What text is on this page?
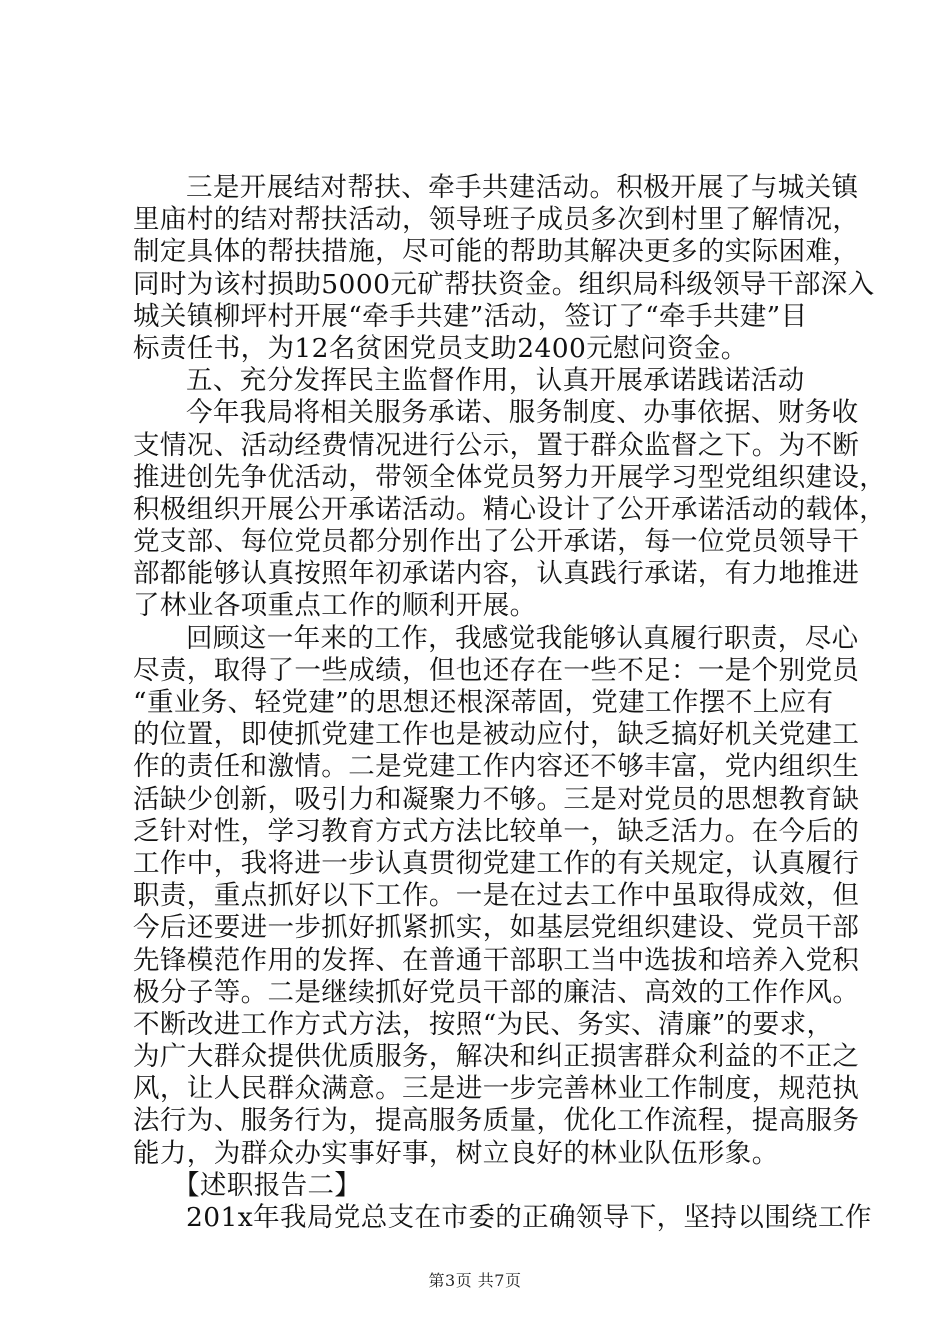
三是开展结对帮扶、牵手共建活动。积极开展了与城关镇
里庙村的结对帮扶活动，领导班子成员多次到村里了解情况，
制定具体的帮扶措施，尽可能的帮助其解决更多的实际困难，
同时为该村损助5000元矿帮扶资金。组织局科级领导干部深入
城关镇柳坪村开展“牵手共建”活动，签订了“牵手共建”目
标责任书，为12名贫困党员支助2400元慰问资金。
五、充分发挥民主监督作用，认真开展承诺践诺活动
今年我局将相关服务承诺、服务制度、办事依据、财务收
支情况、活动经费情况进行公示，置于群众监督之下。为不断
推进创先争优活动，带领全体党员努力开展学习型党组织建设，
积极组织开展公开承诺活动。精心设计了公开承诺活动的载体，
党支部、每位党员都分别作出了公开承诺，每一位党员领导干
部都能够认真按照年初承诺内容，认真践行承诺，有力地推进
了林业各项重点工作的顺利开展。
回顾这一年来的工作，我感觉我能够认真履行职责，尽心
尽责，取得了一些成绩，但也还存在一些不足：一是个别党员
“重业务、轻党建”的思想还根深蒂固，党建工作摆不上应有
的位置，即使抓党建工作也是被动应付，缺乏搞好机关党建工
作的责任和激情。二是党建工作内容还不够丰富，党内组织生
活缺少创新，吸引力和凝聚力不够。三是对党员的思想教育缺
乏针对性，学习教育方式方法比较单一，缺乏活力。在今后的
工作中，我将进一步认真贯彻党建工作的有关规定，认真履行
职责，重点抓好以下工作。一是在过去工作中虽取得成效，但
今后还要进一步抓好抓紧抓实，如基层党组织建设、党员干部
先锋模范作用的发挥、在普通干部职工当中选拔和培养入党积
极分子等。二是继续抓好党员干部的廉洁、高效的工作作风。
不断改进工作方式方法，按照“为民、务实、清廉”的要求，
为广大群众提供优质服务，解决和纠正损害群众利益的不正之
风，让人民群众满意。三是进一步完善林业工作制度，规范执
法行为、服务行为，提高服务质量，优化工作流程，提高服务
能力，为群众办实事好事，树立良好的林业队伍形象。
【述职报告二】
201x年我局党总支在市委的正确领导下，坚持以围绕工作
第3页 共7页
